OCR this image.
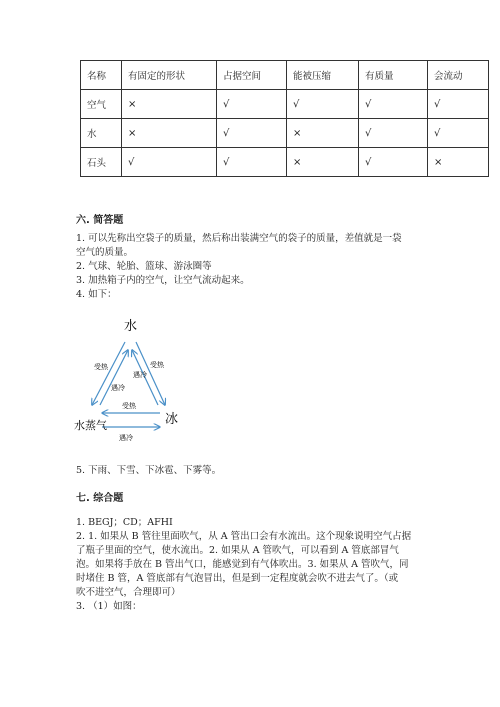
名称	有固定的形状	占据空间	能被压缩	有质量	会流动
空气	×	√	√	√	√
水	×	√	×	√	√
石头	√	√	×	√	×
六. 简答题
1. 可以先称出空袋子的质量，然后称出装满空气的袋子的质量，差值就是一袋
空气的质量。
2. 气球、轮胎、篮球、游泳圈等
3. 加热箱子内的空气，让空气流动起来。
4. 如下：
水
水蒸气	冰
受热
遇冷
受热
遇冷
受热
遇冷
5. 下雨、下雪、下冰雹、下雾等。
七. 综合题
1. BEGJ；CD；AFHI
2. 1. 如果从 B 管往里面吹气，从 A 管出口会有水流出。这个现象说明空气占据
了瓶子里面的空气，使水流出。2. 如果从 A 管吹气，可以看到 A 管底部冒气
泡。如果将手放在 B 管出气口，能感觉到有气体吹出。3. 如果从 A 管吹气，同
时堵住 B 管，A 管底部有气泡冒出，但是到一定程度就会吹不进去气了。（或
吹不进空气，合理即可）
3. （1）如图：
